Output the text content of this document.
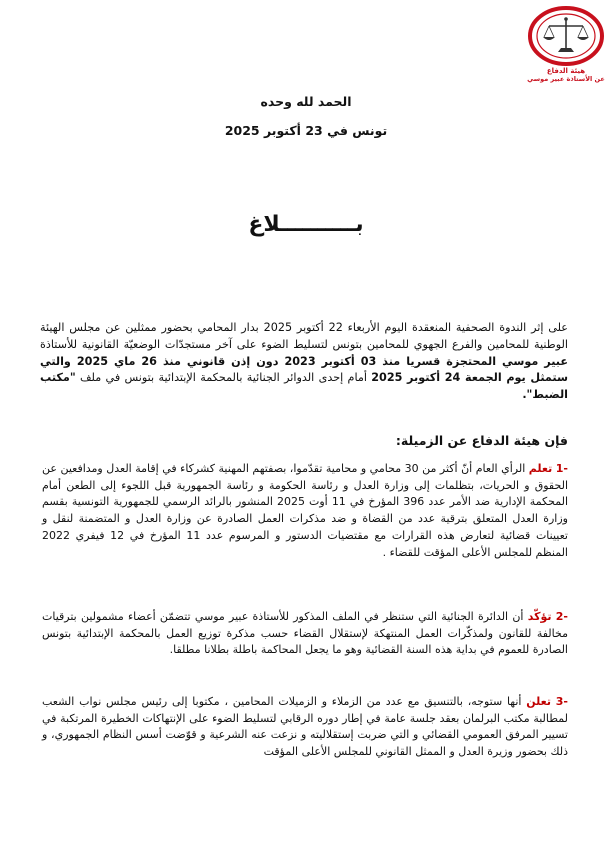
هيئة الدفاع
عن الأستاذة عبير موسي
الحمد لله وحده
تونس في 23 أكتوبر 2025
بــــــــــلاغ
على إثر الندوة الصحفية المنعقدة اليوم الأربعاء 22 أكتوبر 2025 بدار المحامي بحضور ممثلين عن مجلس الهيئة الوطنية للمحامين والفرع الجهوي للمحامين بتونس لتسليط الضوء على آخر مستجدّات الوضعيّة القانونية للأستاذة عبير موسي المحتجزة قسريا منذ 03 أكتوبر 2023 دون إذن قانوني منذ 26 ماي 2025 والتي ستمثل يوم الجمعة 24 أكتوبر 2025 أمام إحدى الدوائر الجنائية بالمحكمة الإبتدائية بتونس في ملف "مكتب الضبط".
فإن هيئة الدفاع عن الزميلة:
-1 تعلم الرأي العام أنّ أكثر من 30 محامي و محامية تقدّموا، بصفتهم المهنية كشركاء في إقامة العدل ومدافعين عن الحقوق و الحريات، بتظلمات إلى وزارة العدل و رئاسة الحكومة و رئاسة الجمهورية قبل اللجوء إلى الطعن أمام المحكمة الإدارية ضد الأمر عدد 396 المؤرخ في 11 أوت 2025 المنشور بالرائد الرسمي للجمهورية التونسية بقسم وزارة العدل المتعلق بترقية عدد من القضاة و ضد مذكرات العمل الصادرة عن وزارة العدل و المتضمنة لنقل و تعيينات قضائية لتعارض هذه القرارات مع مقتضيات الدستور و المرسوم عدد 11 المؤرخ في 12 فيفري 2022 المنظم للمجلس الأعلى المؤقت للقضاء .
-2 تؤكّد أن الدائرة الجنائية التي ستنظر في الملف المذكور للأستاذة عبير موسي تتضمّن أعضاء مشمولين بترقيات مخالفة للقانون ولمذكّرات العمل المنتهكة لإستقلال القضاء حسب مذكرة توزيع العمل بالمحكمة الإبتدائية بتونس الصادرة للعموم في بداية هذه السنة القضائية وهو ما يجعل المحاكمة باطلة بطلانا مطلقا.
-3 تعلن أنها ستوجه، بالتنسيق مع عدد من الزملاء و الزميلات المحامين ، مكتوبا إلى رئيس مجلس نواب الشعب لمطالبة مكتب البرلمان بعقد جلسة عامة في إطار دوره الرقابي لتسليط الضوء على الإنتهاكات الخطيرة المرتكبة في تسيير المرفق العمومي القضائي و التي ضربت إستقلاليته و نزعت عنه الشرعية و قوّضت أسس النظام الجمهوري، و ذلك بحضور وزيرة العدل و الممثل القانوني للمجلس الأعلى المؤقت
